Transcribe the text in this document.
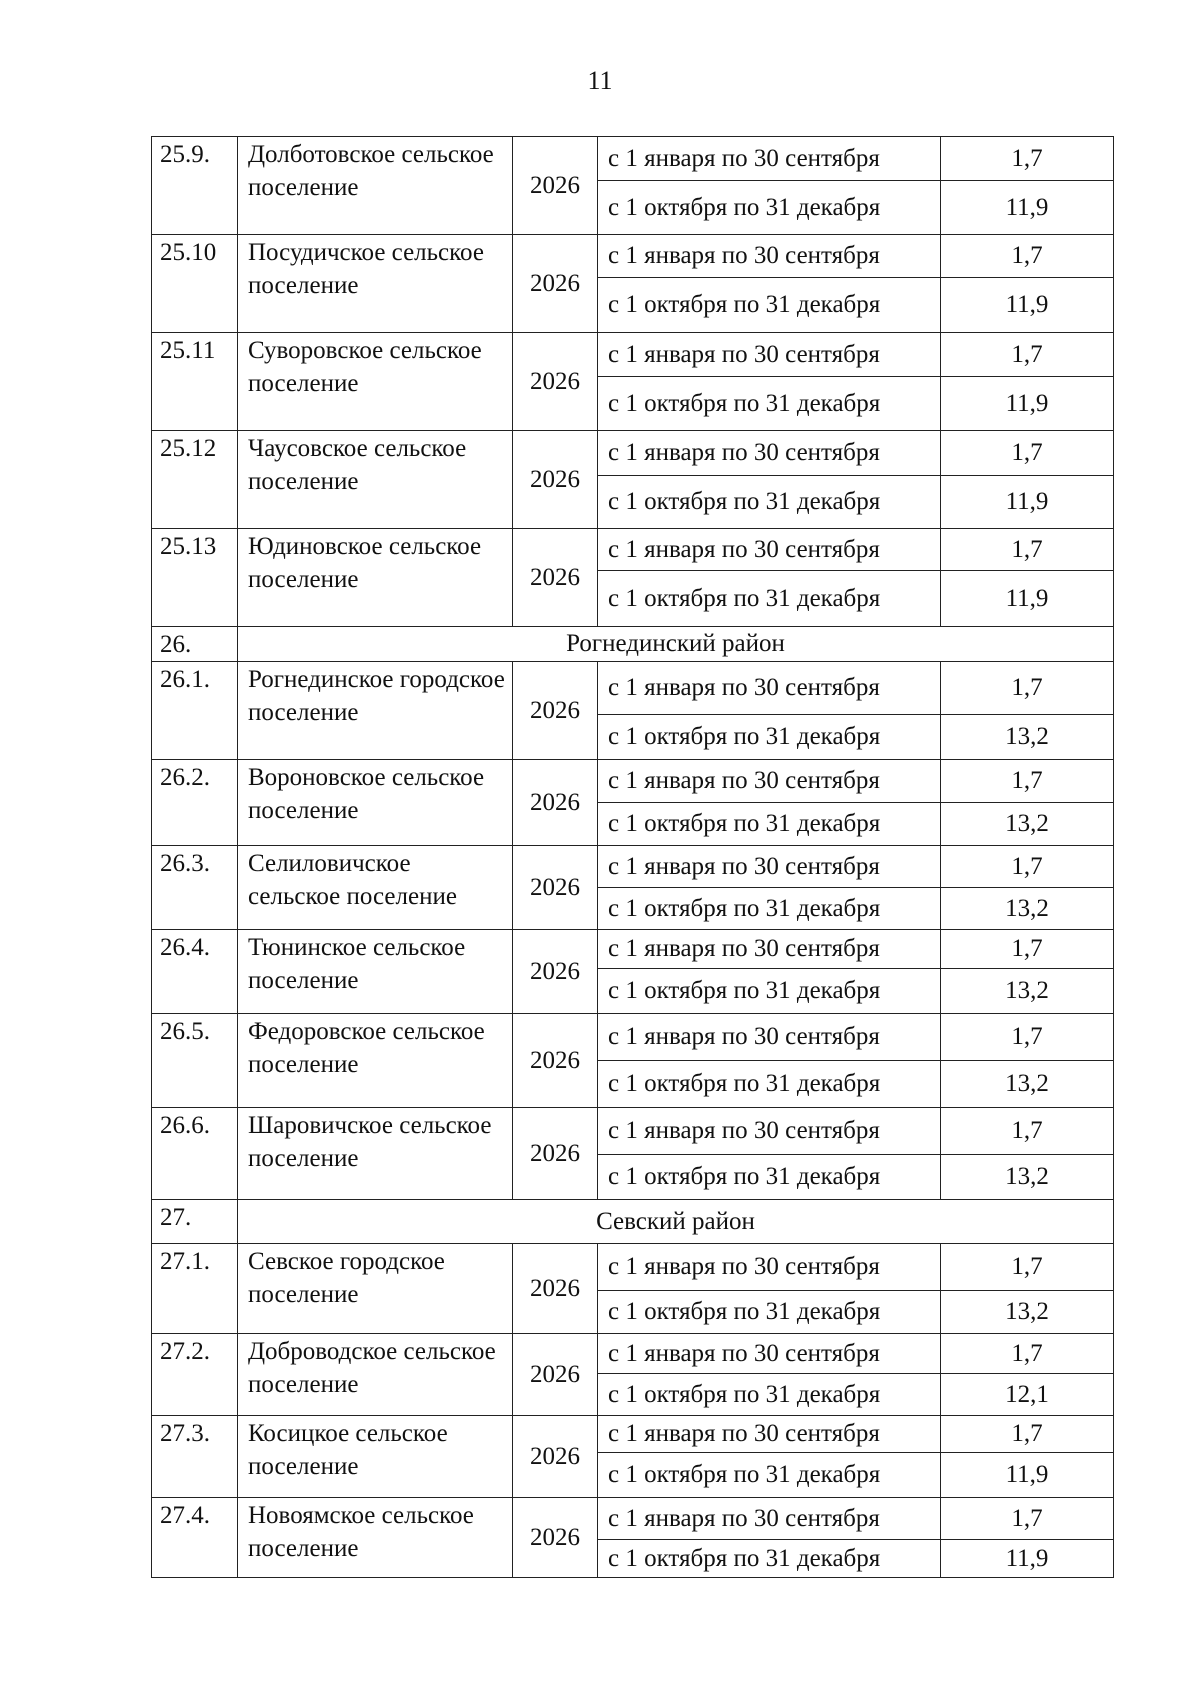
11
25.9.	Долботовское сельское поселение	2026	с 1 января по 30 сентября	1,7
			с 1 октября по 31 декабря	11,9
25.10	Посудичское сельское поселение	2026	с 1 января по 30 сентября	1,7
			с 1 октября по 31 декабря	11,9
25.11	Суворовское сельское поселение	2026	с 1 января по 30 сентября	1,7
			с 1 октября по 31 декабря	11,9
25.12	Чаусовское сельское поселение	2026	с 1 января по 30 сентября	1,7
			с 1 октября по 31 декабря	11,9
25.13	Юдиновское сельское поселение	2026	с 1 января по 30 сентября	1,7
			с 1 октября по 31 декабря	11,9
26.	Рогнединский район			
26.1.	Рогнединское городское поселение	2026	с 1 января по 30 сентября	1,7
			с 1 октября по 31 декабря	13,2
26.2.	Вороновское сельское поселение	2026	с 1 января по 30 сентября	1,7
			с 1 октября по 31 декабря	13,2
26.3.	Селиловичское сельское поселение	2026	с 1 января по 30 сентября	1,7
			с 1 октября по 31 декабря	13,2
26.4.	Тюнинское сельское поселение	2026	с 1 января по 30 сентября	1,7
			с 1 октября по 31 декабря	13,2
26.5.	Федоровское сельское поселение	2026	с 1 января по 30 сентября	1,7
			с 1 октября по 31 декабря	13,2
26.6.	Шаровичское сельское поселение	2026	с 1 января по 30 сентября	1,7
			с 1 октября по 31 декабря	13,2
27.	Севский район			
27.1.	Севское городское поселение	2026	с 1 января по 30 сентября	1,7
			с 1 октября по 31 декабря	13,2
27.2.	Доброводское сельское поселение	2026	с 1 января по 30 сентября	1,7
			с 1 октября по 31 декабря	12,1
27.3.	Косицкое сельское поселение	2026	с 1 января по 30 сентября	1,7
			с 1 октября по 31 декабря	11,9
27.4.	Новоямское сельское поселение	2026	с 1 января по 30 сентября	1,7
			с 1 октября по 31 декабря	11,9
